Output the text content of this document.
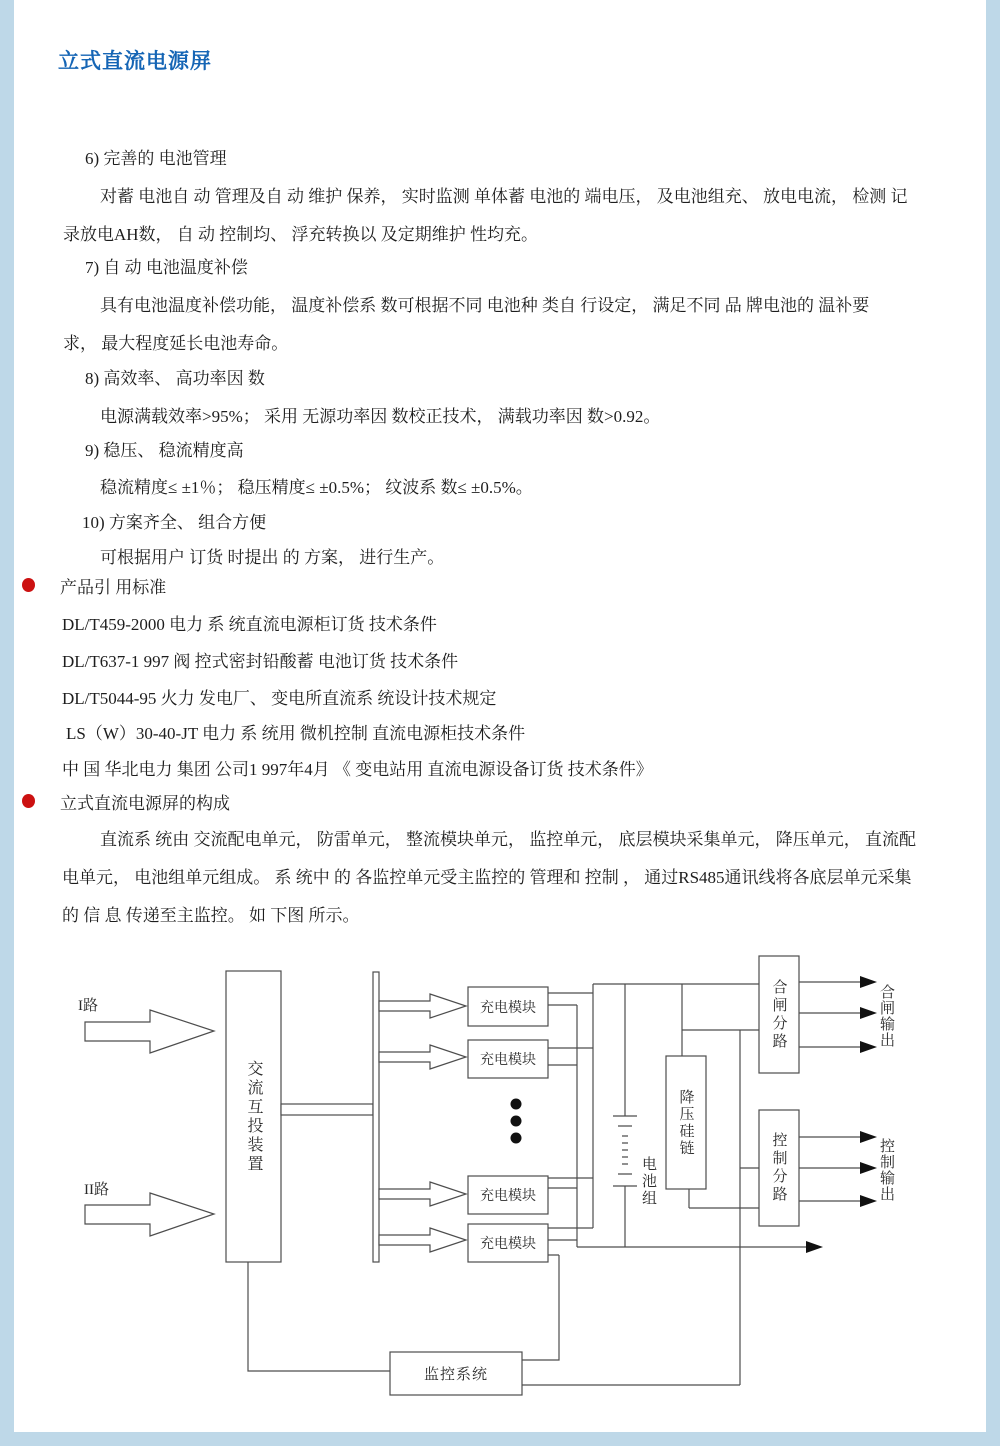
立式直流电源屏
6) 完善的 电池管理
对蓄 电池自 动 管理及自 动 维护 保养， 实时监测 单体蓄 电池的 端电压， 及电池组充、 放电电流， 检测 记
录放电AH数， 自 动 控制均、 浮充转换以 及定期维护 性均充。
7) 自 动 电池温度补偿
具有电池温度补偿功能， 温度补偿系 数可根据不同 电池种 类自 行设定， 满足不同 品 牌电池的 温补要
求， 最大程度延长电池寿命。
8) 高效率、 高功率因 数
电源满载效率>95%； 采用 无源功率因 数校正技术， 满载功率因 数>0.92。
9) 稳压、 稳流精度高
稳流精度≤ ±1％； 稳压精度≤ ±0.5%； 纹波系 数≤ ±0.5%。
10) 方案齐全、 组合方便
可根据用户 订货 时提出 的 方案， 进行生产。
产品引 用标准
DL/T459-2000 电力 系 统直流电源柜订货 技术条件
DL/T637-1 997 阀 控式密封铅酸蓄 电池订货 技术条件
DL/T5044-95 火力 发电厂、 变电所直流系 统设计技术规定
LS（W）30-40-JT 电力 系 统用 微机控制 直流电源柜技术条件
中 国 华北电力 集团 公司1 997年4月 《 变电站用 直流电源设备订货 技术条件》
立式直流电源屏的构成
直流系 统由 交流配电单元， 防雷单元， 整流模块单元， 监控单元， 底层模块采集单元， 降压单元， 直流配
电单元， 电池组单元组成。 系 统中 的 各监控单元受主监控的 管理和 控制 ， 通过RS485通讯线将各底层单元采集
的 信 息 传递至主监控。 如 下图 所示。
I路
II路
交流互投装置
充电模块
充电模块
充电模块
充电模块
电池组
降压硅链
合闸分路
控制分路
合闸输出
控制输出
监控系统
